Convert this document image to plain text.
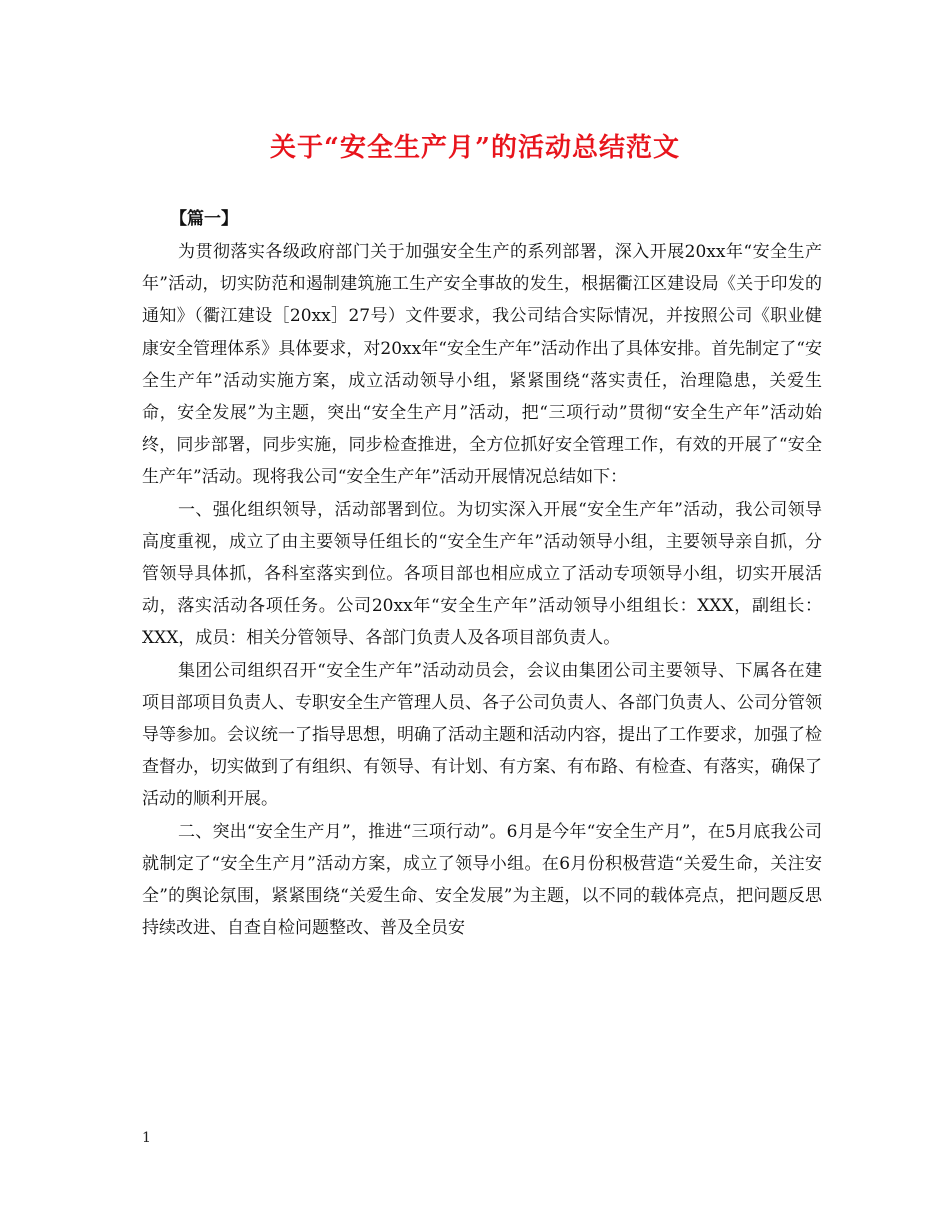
关于“安全生产月”的活动总结范文
【篇一】

为贯彻落实各级政府部门关于加强安全生产的系列部署，深入开展20xx年“安全生产年”活动，切实防范和遏制建筑施工生产安全事故的发生，根据衢江区建设局《关于印发的通知》（衢江建设［20xx］27号）文件要求，我公司结合实际情况，并按照公司《职业健康安全管理体系》具体要求，对20xx年“安全生产年”活动作出了具体安排。首先制定了“安全生产年”活动实施方案，成立活动领导小组，紧紧围绕“落实责任，治理隐患，关爱生命，安全发展”为主题，突出“安全生产月”活动，把“三项行动”贯彻“安全生产年”活动始终，同步部署，同步实施，同步检查推进，全方位抓好安全管理工作，有效的开展了“安全生产年”活动。现将我公司“安全生产年”活动开展情况总结如下：

一、强化组织领导，活动部署到位。为切实深入开展“安全生产年”活动，我公司领导高度重视，成立了由主要领导任组长的“安全生产年”活动领导小组，主要领导亲自抓，分管领导具体抓，各科室落实到位。各项目部也相应成立了活动专项领导小组，切实开展活动，落实活动各项任务。公司20xx年“安全生产年”活动领导小组组长：XXX，副组长：XXX，成员：相关分管领导、各部门负责人及各项目部负责人。

集团公司组织召开“安全生产年”活动动员会，会议由集团公司主要领导、下属各在建项目部项目负责人、专职安全生产管理人员、各子公司负责人、各部门负责人、公司分管领导等参加。会议统一了指导思想，明确了活动主题和活动内容，提出了工作要求，加强了检查督办，切实做到了有组织、有领导、有计划、有方案、有布路、有检查、有落实，确保了活动的顺利开展。

二、突出“安全生产月”，推进“三项行动”。6月是今年“安全生产月”，在5月底我公司就制定了“安全生产月”活动方案，成立了领导小组。在6月份积极营造“关爱生命，关注安全”的舆论氛围，紧紧围绕“关爱生命、安全发展”为主题，以不同的载体亮点，把问题反思持续改进、自查自检问题整改、普及全员安

1
